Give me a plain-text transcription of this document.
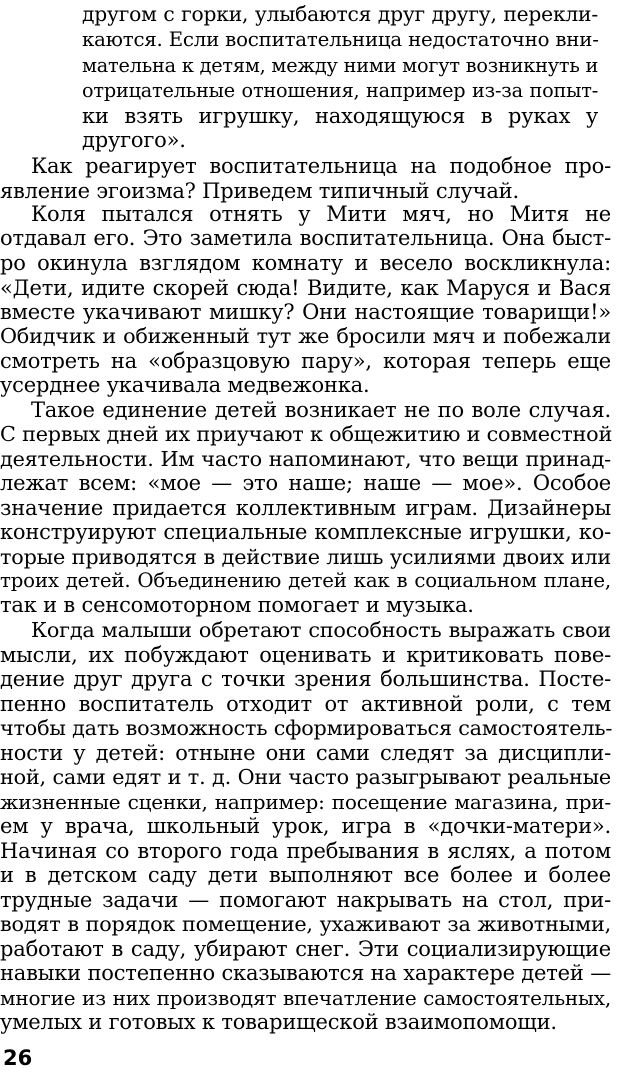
другом с горки, улыбаются друг другу, перекли-
каются. Если воспитательница недостаточно вни-
мательна к детям, между ними могут возникнуть и
отрицательные отношения, например из-за попыт-
ки взять игрушку, находящуюся в руках у
другого».
Как реагирует воспитательница на подобное про-
явление эгоизма? Приведем типичный случай.
Коля пытался отнять у Мити мяч, но Митя не
отдавал его. Это заметила воспитательница. Она быст-
ро окинула взглядом комнату и весело воскликнула:
«Дети, идите скорей сюда! Видите, как Маруся и Вася
вместе укачивают мишку? Они настоящие товарищи!»
Обидчик и обиженный тут же бросили мяч и побежали
смотреть на «образцовую пару», которая теперь еще
усерднее укачивала медвежонка.
Такое единение детей возникает не по воле случая.
С первых дней их приучают к общежитию и совместной
деятельности. Им часто напоминают, что вещи принад-
лежат всем: «мое — это наше; наше — мое». Особое
значение придается коллективным играм. Дизайнеры
конструируют специальные комплексные игрушки, ко-
торые приводятся в действие лишь усилиями двоих или
троих детей. Объединению детей как в социальном плане,
так и в сенсомоторном помогает и музыка.
Когда малыши обретают способность выражать свои
мысли, их побуждают оценивать и критиковать пове-
дение друг друга с точки зрения большинства. Посте-
пенно воспитатель отходит от активной роли, с тем
чтобы дать возможность сформироваться самостоятель-
ности у детей: отныне они сами следят за дисципли-
ной, сами едят и т. д. Они часто разыгрывают реальные
жизненные сценки, например: посещение магазина, при-
ем у врача, школьный урок, игра в «дочки-матери».
Начиная со второго года пребывания в яслях, а потом
и в детском саду дети выполняют все более и более
трудные задачи — помогают накрывать на стол, при-
водят в порядок помещение, ухаживают за животными,
работают в саду, убирают снег. Эти социализирующие
навыки постепенно сказываются на характере детей —
многие из них производят впечатление самостоятельных,
умелых и готовых к товарищеской взаимопомощи.
26
